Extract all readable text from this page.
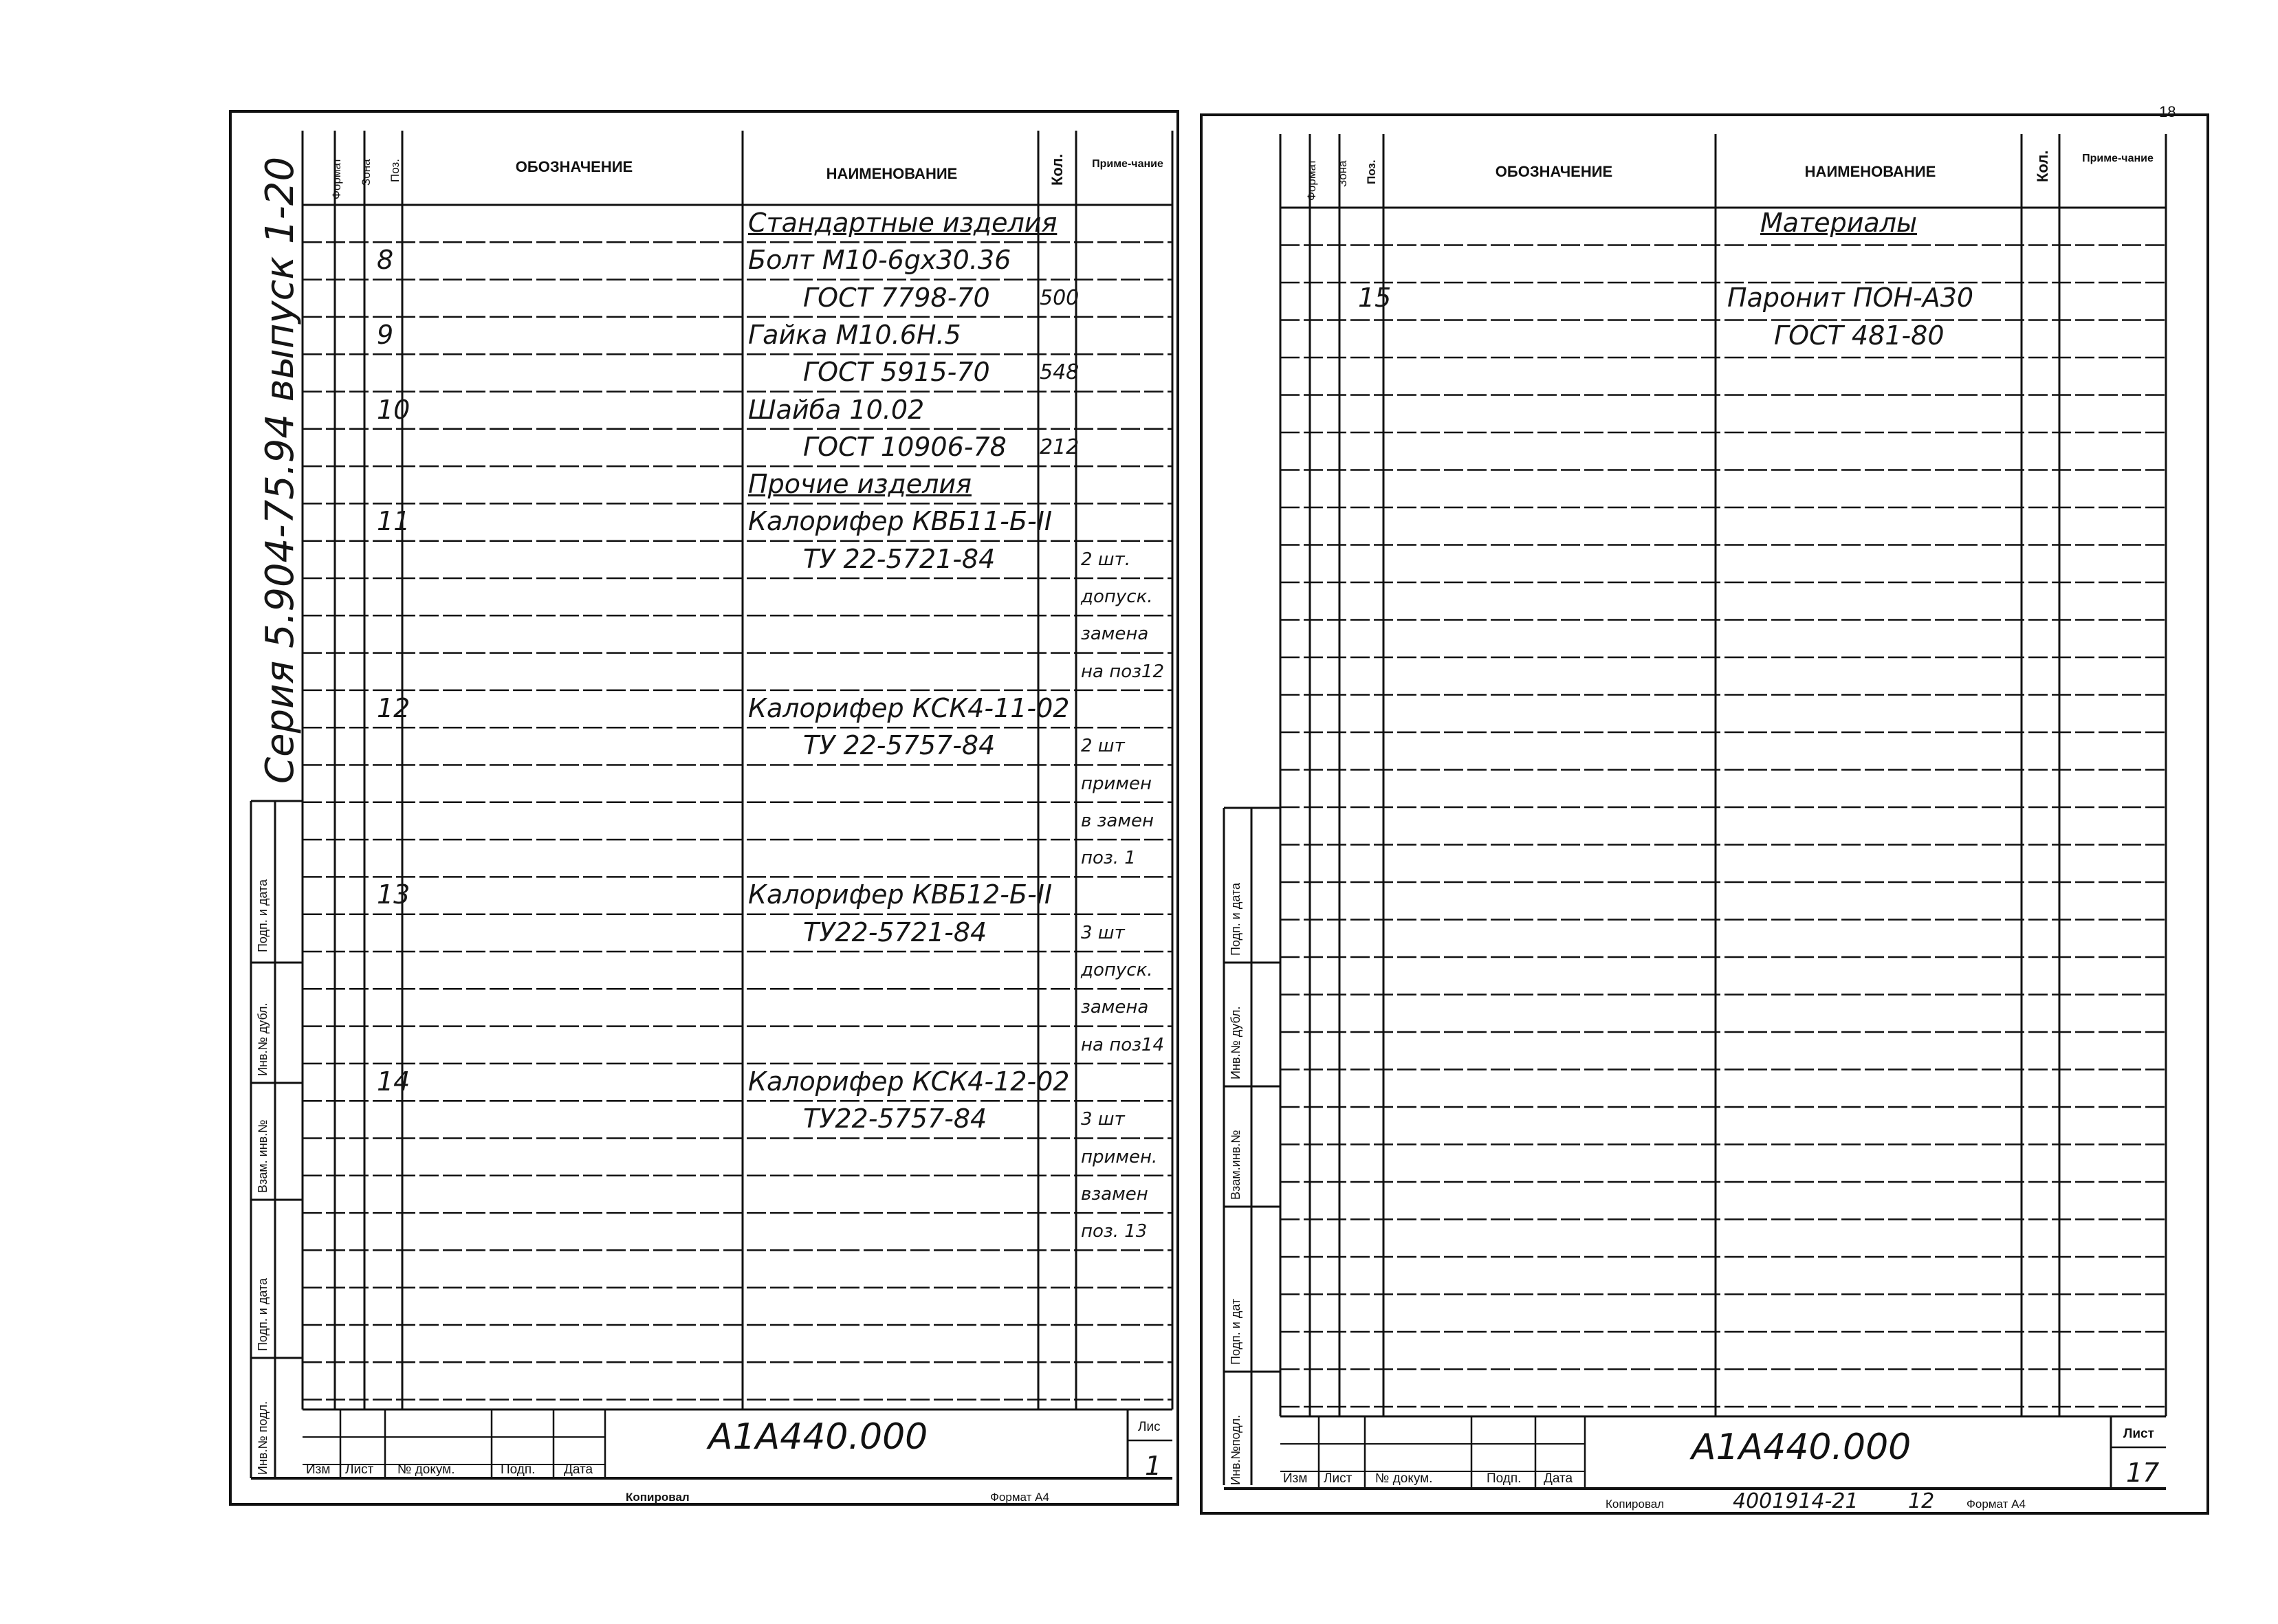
Формат Зона Поз.	ОБОЗНАЧЕНИЕ	НАИМЕНОВАНИЕ	Кол.	Приме-чание
Стандартные изделия
8	Болт М10-6gx30.36
ГОСТ 7798-70 500
9	Гайка М10.6Н.5
ГОСТ 5915-70 548
10	Шайба 10.02
ГОСТ 10906-78 212
Прочие изделия
11	Калорифер КВБ11-Б-II
ТУ 22-5721-84	2 шт.
допуск.
замена
на поз12
12	Калорифер КСК4-11-02
ТУ 22-5757-84	2 шт
примен
в замен
поз. 1
13	Калорифер КВБ12-Б-II
ТУ22-5721-84	3 шт
допуск.
замена
на поз14
14	Калорифер КСК4-12-02
ТУ22-5757-84	3 шт
примен.
взамен
поз. 13
Серия 5.904-75.94 выпуск 1-20
Подп. и дата
Инв.№ дубл.
Взам. инв.№
Подп. и дата
Инв.№ подл.	Изм Лист № докум.	Подп. Дата
А1А440.000	Лис
1
Копировал	Формат А4
Формат Зона Поз.	ОБОЗНАЧЕНИЕ	НАИМЕНОВАНИЕ	Кол.	Приме-чание
Материалы
15	Паронит ПОН-А30
ГОСТ 481-80
Подп. и дата
Инв.№ дубл.
Взам.инв.№
Подп. и дат
Инв.№подл.	Изм Лист № докум.	Подп. Дата
А1А440.000	Лист
17
Копировал	4001914-21 12	Формат А4
18
